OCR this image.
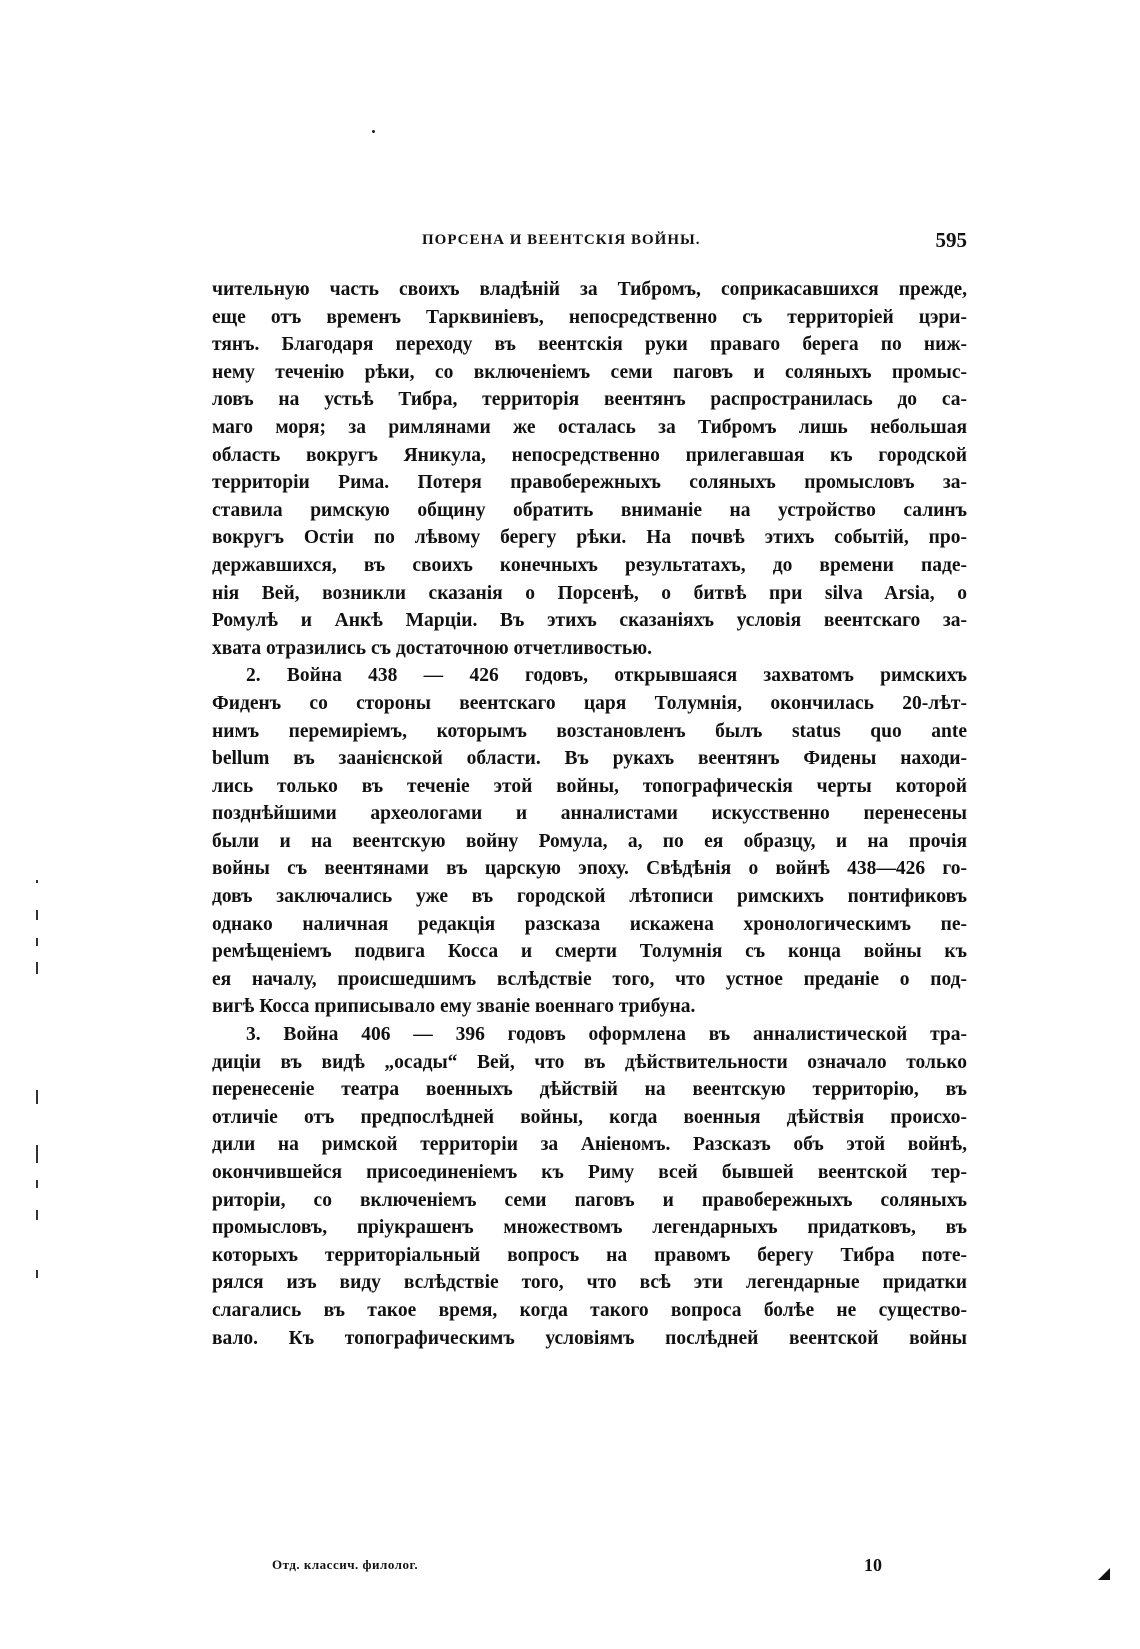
ПОРСЕНА И ВЕЕНТСКІЯ ВОЙНЫ.	595
чительную часть своихъ владѣній за Тибромъ, соприкасавшихся прежде,
еще отъ временъ Тарквиніевъ, непосредственно съ территоріей цэри-
тянъ. Благодаря переходу въ веентскія руки праваго берега по ниж-
нему теченію рѣки, со включеніемъ семи паговъ и соляныхъ промыс-
ловъ на устьѣ Тибра, территорія веентянъ распространилась до са-
маго моря; за римлянами же осталась за Тибромъ лишь небольшая
область вокругъ Яникула, непосредственно прилегавшая къ городской
территоріи Рима. Потеря правобережныхъ соляныхъ промысловъ за-
ставила римскую общину обратить вниманіе на устройство салинъ
вокругъ Остіи по лѣвому берегу рѣки. На почвѣ этихъ событій, про-
державшихся, въ своихъ конечныхъ результатахъ, до времени паде-
нія Вей, возникли сказанія о Порсенѣ, о битвѣ при silva Arsia, о
Ромулѣ и Анкѣ Марціи. Въ этихъ сказаніяхъ условія веентскаго за-
хвата отразились съ достаточною отчетливостью.
2. Война 438 — 426 годовъ, открывшаяся захватомъ римскихъ
Фиденъ со стороны веентскаго царя Толумнія, окончилась 20-лѣт-
нимъ перемиріемъ, которымъ возстановленъ былъ status quo ante
bellum въ заанієнской области. Въ рукахъ веентянъ Фидены находи-
лись только въ теченіе этой войны, топографическія черты которой
позднѣйшими археологами и анналистами искусственно перенесены
были и на веентскую войну Ромула, а, по ея образцу, и на прочія
войны съ веентянами въ царскую эпоху. Свѣдѣнія о войнѣ 438—426 го-
довъ заключались уже въ городской лѣтописи римскихъ понтификовъ
однако наличная редакція разсказа искажена хронологическимъ пе-
ремѣщеніемъ подвига Косса и смерти Толумнія съ конца войны къ
ея началу, происшедшимъ вслѣдствіе того, что устное преданіе о под-
вигѣ Косса приписывало ему званіе военнаго трибуна.
3. Война 406 — 396 годовъ оформлена въ анналистической тра-
диціи въ видѣ „осады“ Вей, что въ дѣйствительности означало только
перенесеніе театра военныхъ дѣйствій на веентскую территорію, въ
отличіе отъ предпослѣдней войны, когда военныя дѣйствія происхо-
дили на римской территоріи за Аніеномъ. Разсказъ объ этой войнѣ,
окончившейся присоединеніемъ къ Риму всей бывшей веентской тер-
риторіи, со включеніемъ семи паговъ и правобережныхъ соляныхъ
промысловъ, пріукрашенъ множествомъ легендарныхъ придатковъ, въ
которыхъ территоріальный вопросъ на правомъ берегу Тибра поте-
рялся изъ виду вслѣдствіе того, что всѣ эти легендарные придатки
слагались въ такое время, когда такого вопроса болѣе не существо-
вало. Къ топографическимъ условіямъ послѣдней веентской войны
Отд. классич. филолог.	10
